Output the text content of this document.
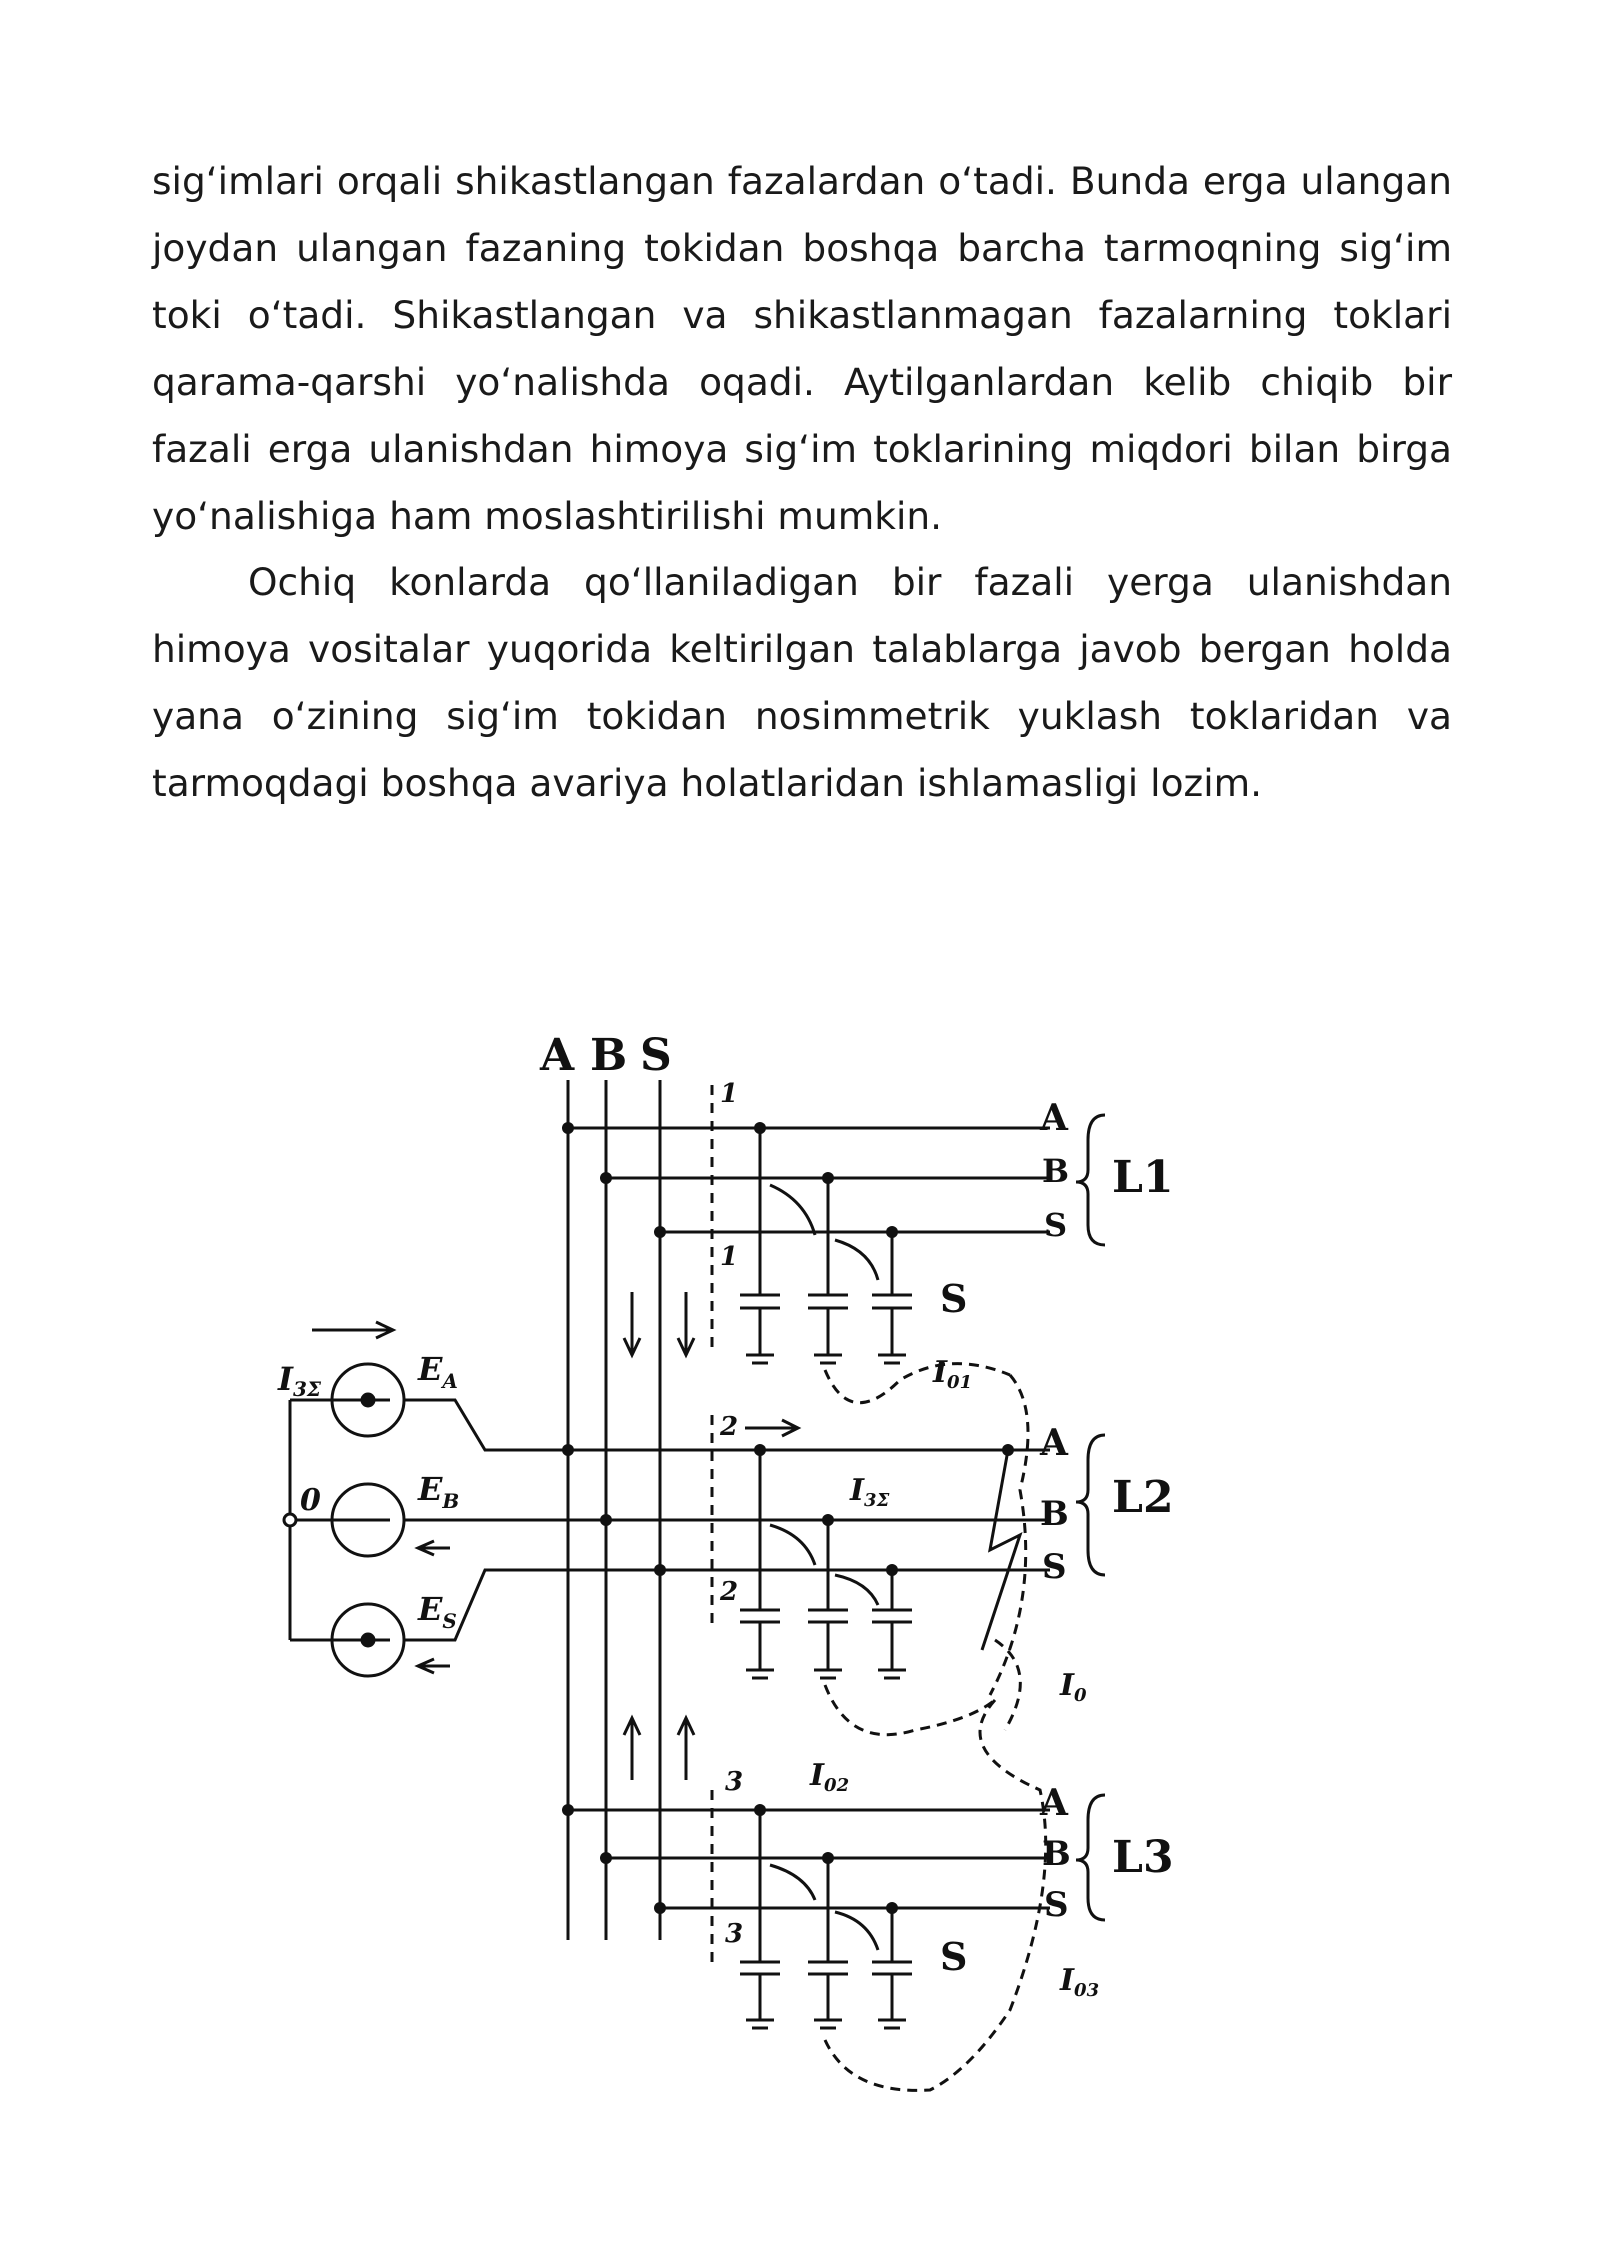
sig‘imlari orqali shikastlangan fazalardan o‘tadi. Bunda erga ulangan joydan ulangan fazaning tokidan boshqa barcha tarmoqning sig‘im toki o‘tadi. Shikastlangan va shikastlanmagan fazalarning toklari qarama-qarshi yo‘nalishda oqadi. Aytilganlardan kelib chiqib bir fazali erga ulanishdan himoya sig‘im toklarining miqdori bilan birga yo‘nalishiga ham moslashtirilishi mumkin.

Ochiq konlarda qo‘llaniladigan bir fazali yerga ulanishdan himoya vositalar yuqorida keltirilgan talablarga javob bergan holda yana o‘zining sig‘im tokidan nosimmetrik yuklash toklaridan va tarmoqdagi boshqa avariya holatlaridan ishlamasligi lozim.

A B S
1
1
2
2
3
3
A
B
S
L1
A
B
S
L2
A
B
S
L3
S
S
I3Σ
0
$E_A$
$E_B$
$E_S$
$I_{01}$
$I_{3\Sigma}$
$I_0$
$I_{02}$
$I_{03}$
